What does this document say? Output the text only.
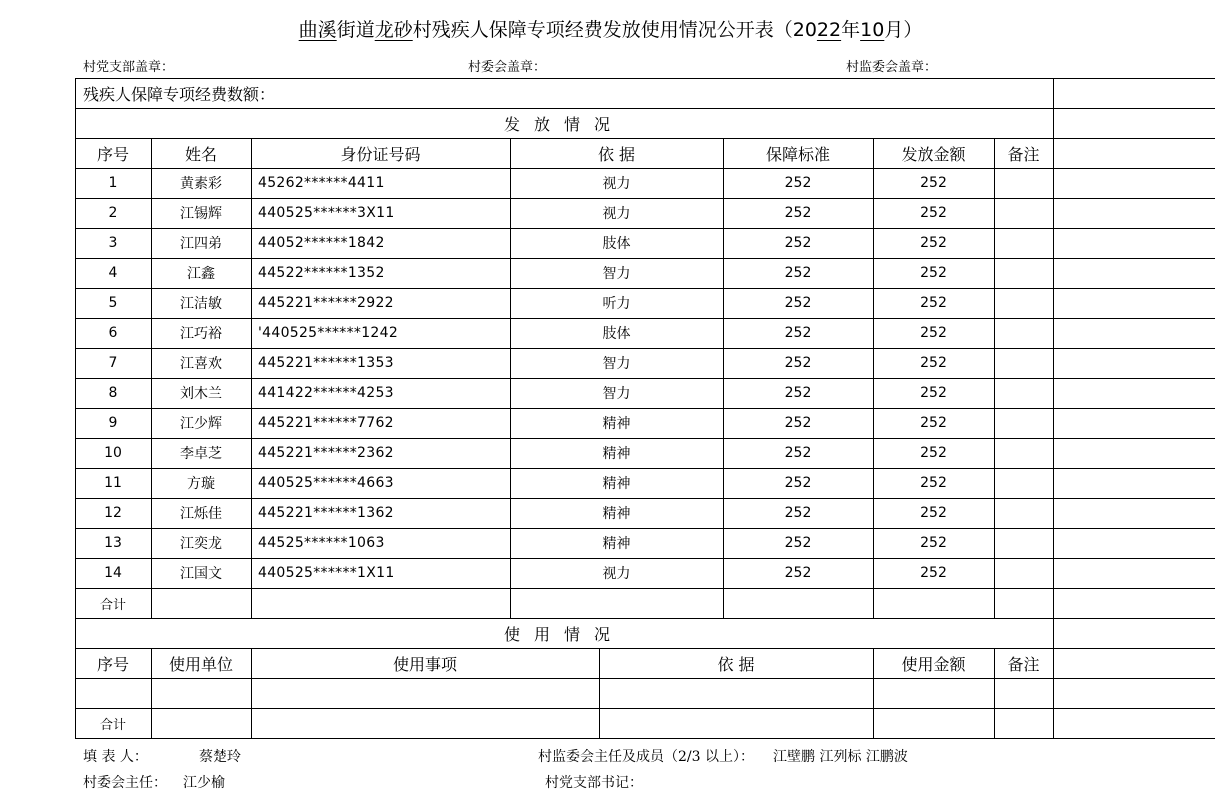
曲溪街道龙砂村残疾人保障专项经费发放使用情况公开表（2022年10月）
村党支部盖章：	村委会盖章：	村监委会盖章：
残疾人保障专项经费数额：
发放情况
序号	姓名	身份证号码	依 据	保障标准	发放金额	备注
1	黄素彩	45262******4411	视力	252	252
2	江锡辉	440525******3X11	视力	252	252
3	江四弟	44052******1842	肢体	252	252
4	江鑫	44522******1352	智力	252	252
5	江洁敏	445221******2922	听力	252	252
6	江巧裕	'440525******1242	肢体	252	252
7	江喜欢	445221******1353	智力	252	252
8	刘木兰	441422******4253	智力	252	252
9	江少辉	445221******7762	精神	252	252
10	李卓芝	445221******2362	精神	252	252
11	方璇	440525******4663	精神	252	252
12	江烁佳	445221******1362	精神	252	252
13	江奕龙	44525******1063	精神	252	252
14	江国文	440525******1X11	视力	252	252
合计
使用情况
序号	使用单位	使用事项	依 据	使用金额	备注
合计
填 表 人：	蔡楚玲	村监委会主任及成员（2/3 以上）： 江壁鹏 江列标 江鹏波
村委会主任： 江少榆	村党支部书记：
